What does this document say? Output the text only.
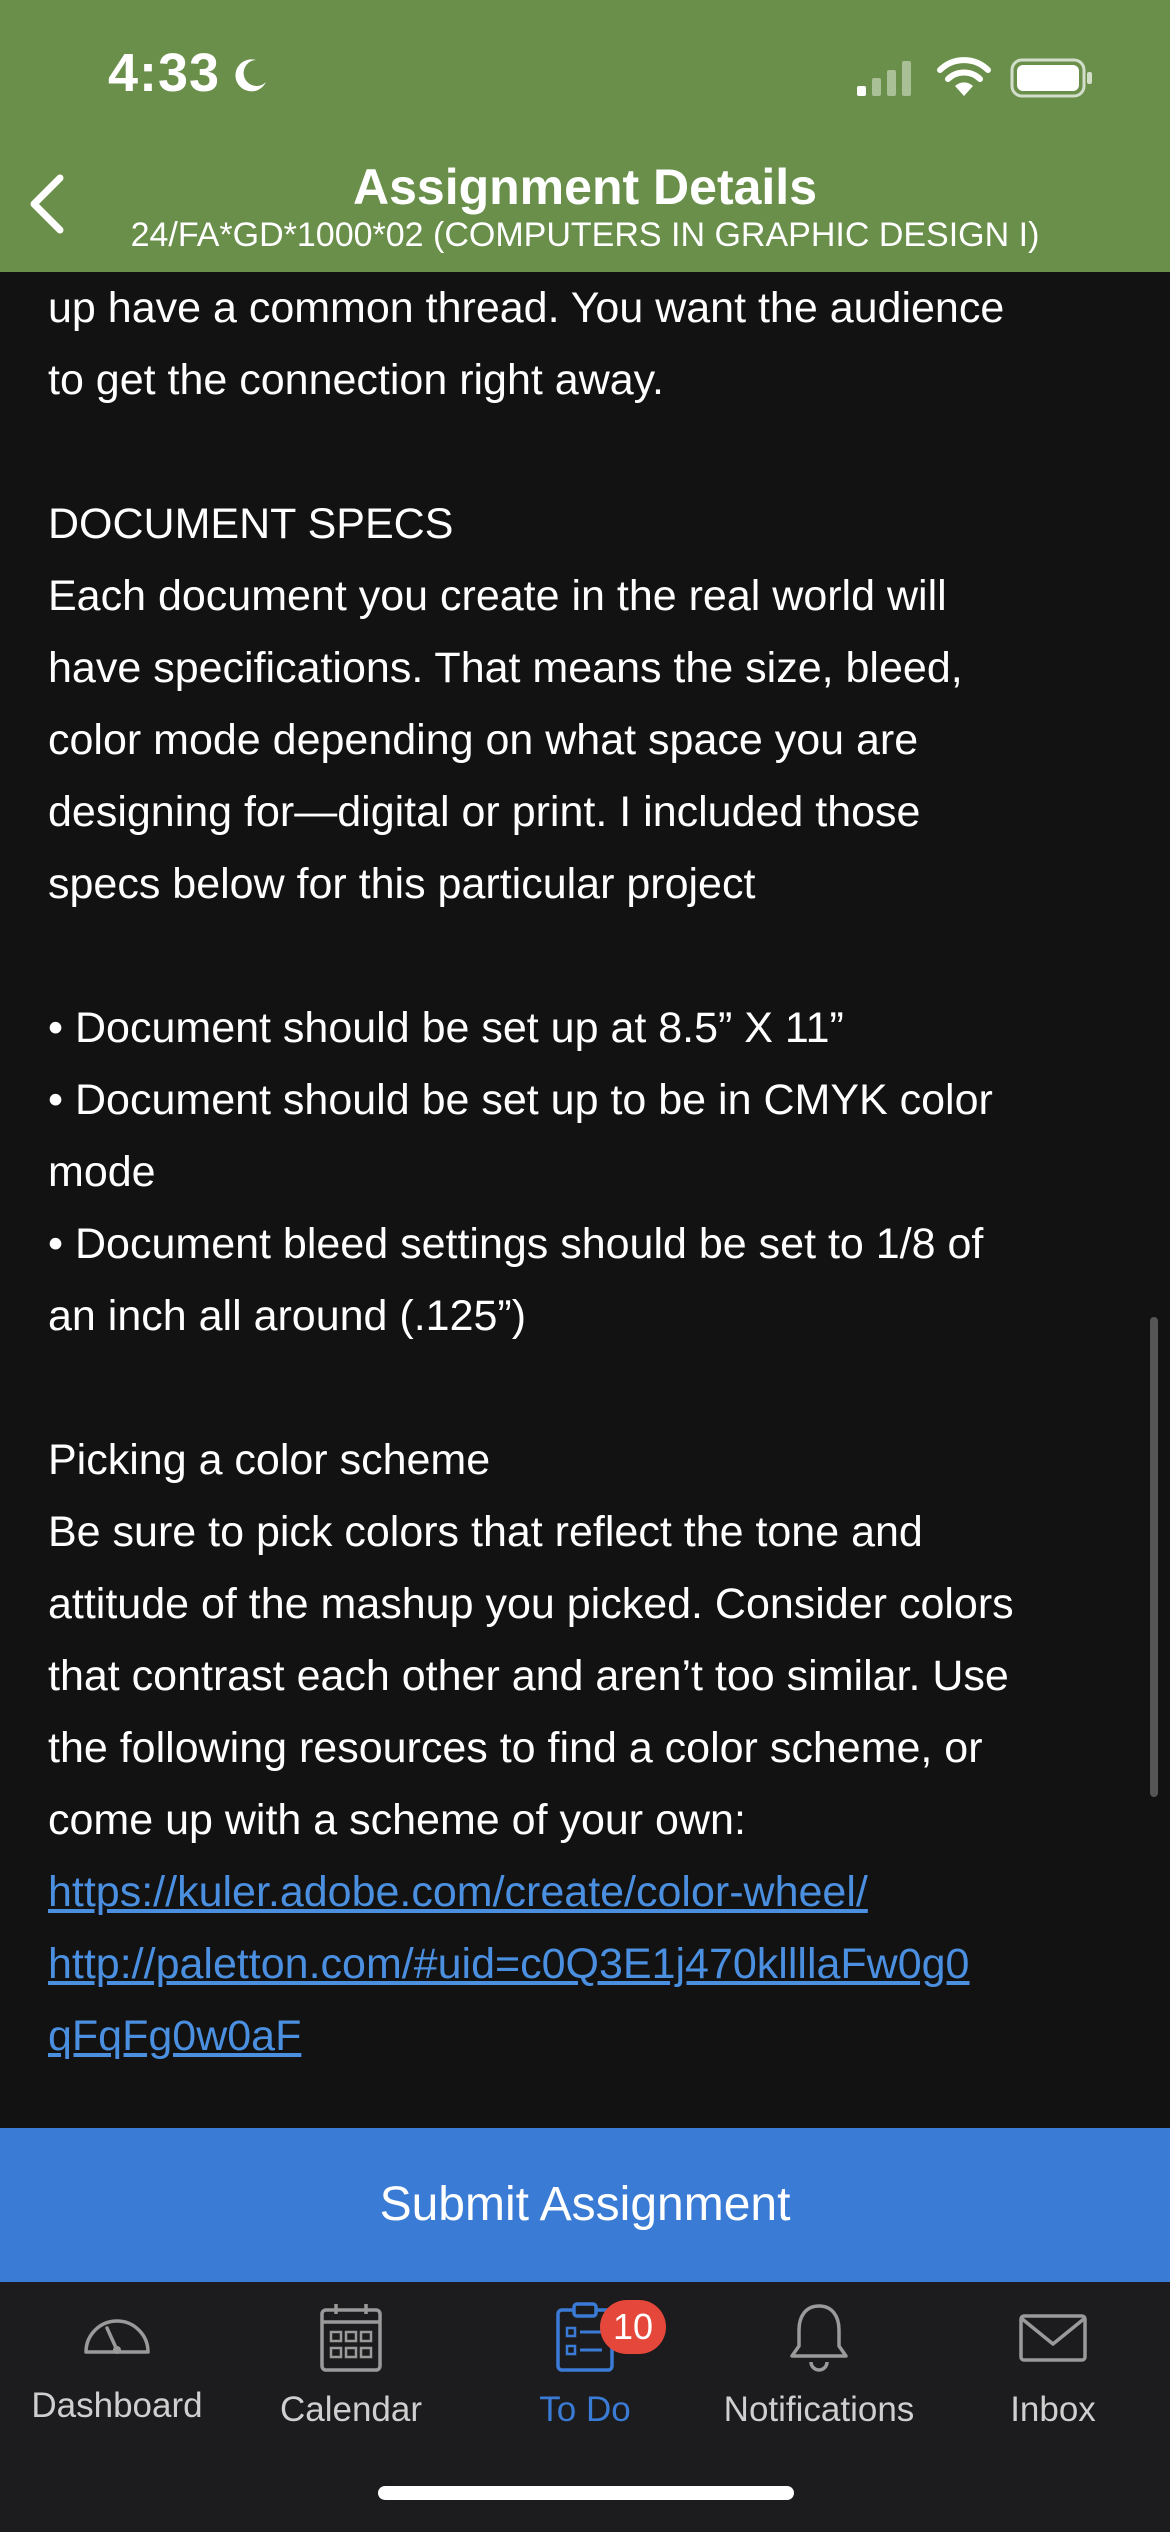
4:33
Assignment Details
24/FA*GD*1000*02 (COMPUTERS IN GRAPHIC DESIGN I)

up have a common thread. You want the audience
to get the connection right away.

DOCUMENT SPECS
Each document you create in the real world will
have specifications. That means the size, bleed,
color mode depending on what space you are
designing for—digital or print. I included those
specs below for this particular project

• Document should be set up at 8.5” X 11”
• Document should be set up to be in CMYK color
mode
• Document bleed settings should be set to 1/8 of
an inch all around (.125”)

Picking a color scheme
Be sure to pick colors that reflect the tone and
attitude of the mashup you picked. Consider colors
that contrast each other and aren’t too similar. Use
the following resources to find a color scheme, or
come up with a scheme of your own:
https://kuler.adobe.com/create/color-wheel/
http://paletton.com/#uid=c0Q3E1j470kllllaFw0g0
qFqFg0w0aF

Submit Assignment
Dashboard	Calendar	To Do
10
Notifications	Inbox
